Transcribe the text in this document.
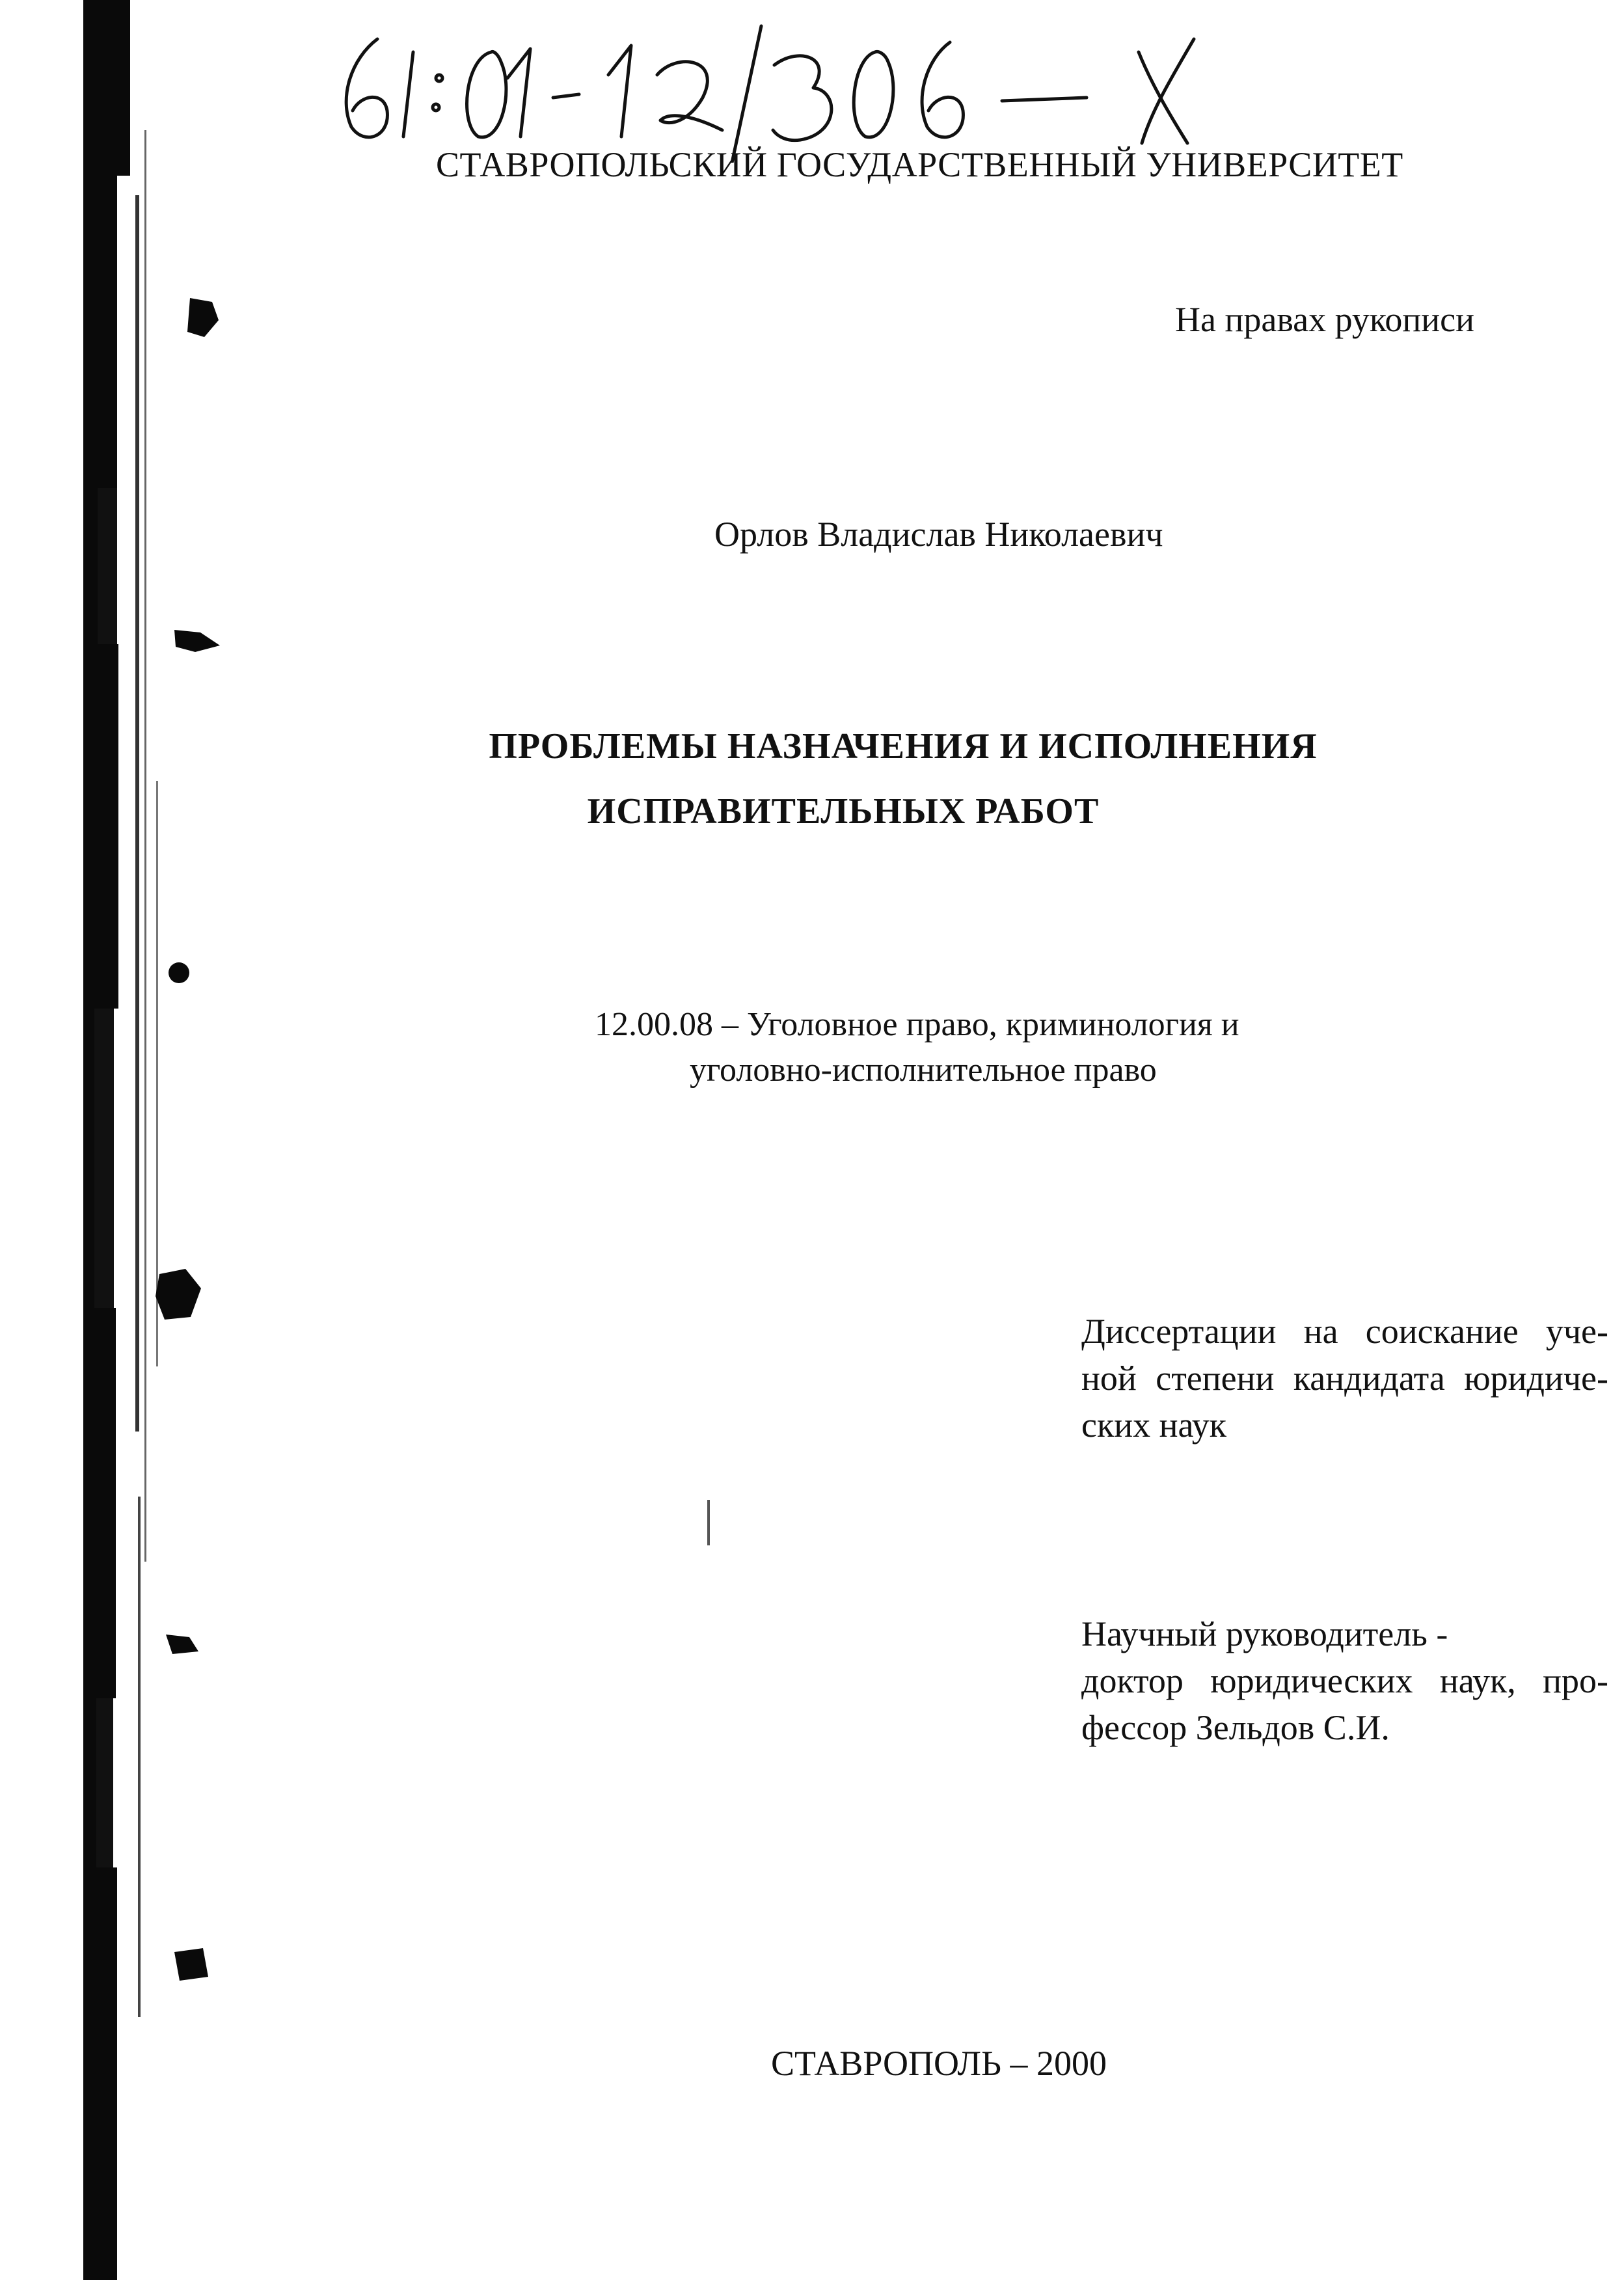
СТАВРОПОЛЬСКИЙ ГОСУДАРСТВЕННЫЙ УНИВЕРСИТЕТ

На правах рукописи

Орлов Владислав Николаевич

ПРОБЛЕМЫ НАЗНАЧЕНИЯ И ИСПОЛНЕНИЯ

ИСПРАВИТЕЛЬНЫХ РАБОТ

12.00.08 – Уголовное право, криминология и

уголовно-исполнительное право

Диссертации на соискание уче-
ной степени кандидата юридиче-
ских наук
Научный руководитель -
доктор юридических наук, про-
фессор Зельдов С.И.

СТАВРОПОЛЬ – 2000
